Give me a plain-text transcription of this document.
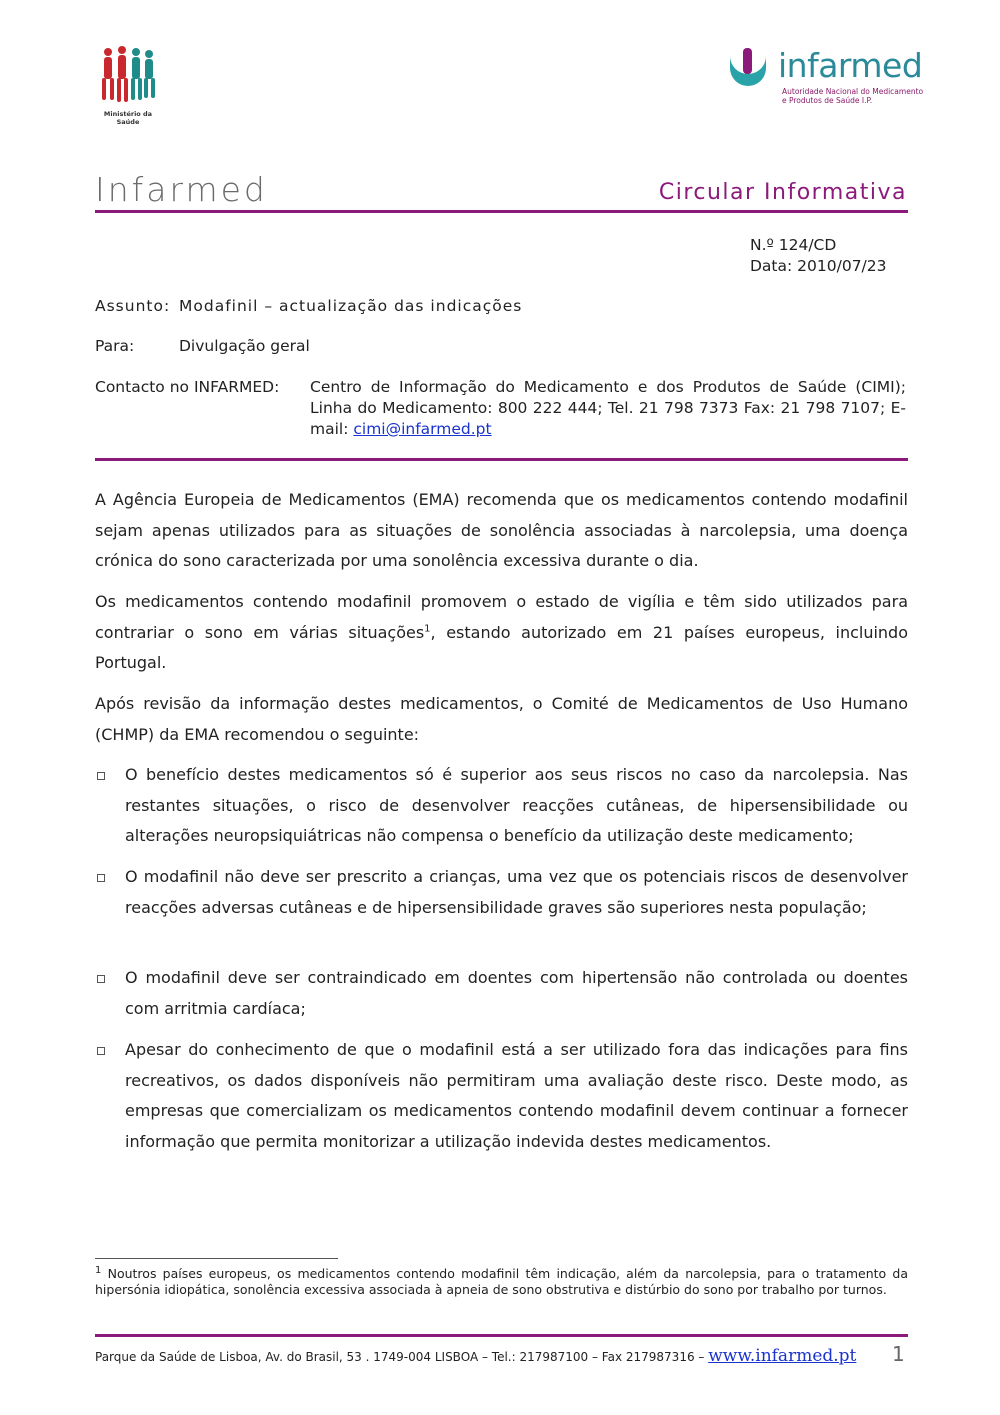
Ministério da Saúde
infarmed
Autoridade Nacional do Medicamento
e Produtos de Saúde I.P.
Infarmed	Circular Informativa
N.º 124/CD
Data: 2010/07/23
Assunto: Modafinil – actualização das indicações
Para:	Divulgação geral
Contacto no INFARMED: Centro de Informação do Medicamento e dos Produtos de Saúde (CIMI); Linha do Medicamento: 800 222 444; Tel. 21 798 7373 Fax: 21 798 7107; E-mail: cimi@infarmed.pt
A Agência Europeia de Medicamentos (EMA) recomenda que os medicamentos contendo modafinil sejam apenas utilizados para as situações de sonolência associadas à narcolepsia, uma doença crónica do sono caracterizada por uma sonolência excessiva durante o dia.
Os medicamentos contendo modafinil promovem o estado de vigília e têm sido utilizados para contrariar o sono em várias situações$^1$, estando autorizado em 21 países europeus, incluindo Portugal.
Após revisão da informação destes medicamentos, o Comité de Medicamentos de Uso Humano (CHMP) da EMA recomendou o seguinte:
O benefício destes medicamentos só é superior aos seus riscos no caso da narcolepsia. Nas restantes situações, o risco de desenvolver reacções cutâneas, de hipersensibilidade ou alterações neuropsiquiátricas não compensa o benefício da utilização deste medicamento;
O modafinil não deve ser prescrito a crianças, uma vez que os potenciais riscos de desenvolver reacções adversas cutâneas e de hipersensibilidade graves são superiores nesta população;
O modafinil deve ser contraindicado em doentes com hipertensão não controlada ou doentes com arritmia cardíaca;
Apesar do conhecimento de que o modafinil está a ser utilizado fora das indicações para fins recreativos, os dados disponíveis não permitiram uma avaliação deste risco. Deste modo, as empresas que comercializam os medicamentos contendo modafinil devem continuar a fornecer informação que permita monitorizar a utilização indevida destes medicamentos.
$^1$ Noutros países europeus, os medicamentos contendo modafinil têm indicação, além da narcolepsia, para o tratamento da hipersónia idiopática, sonolência excessiva associada à apneia de sono obstrutiva e distúrbio do sono por trabalho por turnos.
Parque da Saúde de Lisboa, Av. do Brasil, 53 . 1749-004 LISBOA – Tel.: 217987100 – Fax 217987316 – www.infarmed.pt 1
